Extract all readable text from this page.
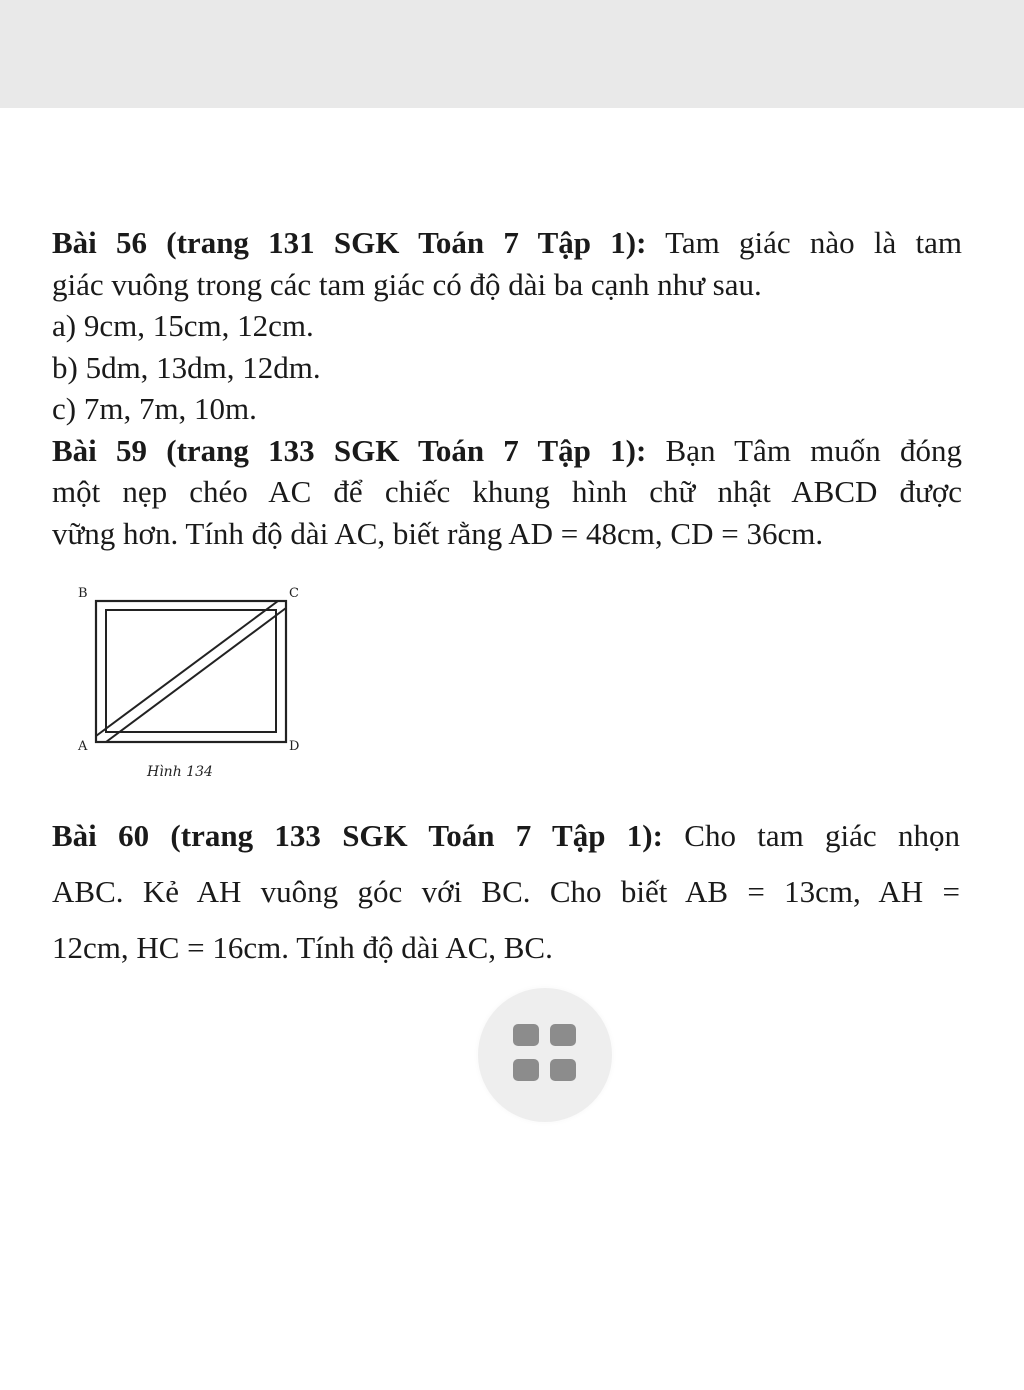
Bài 56 (trang 131 SGK Toán 7 Tập 1): Tam giác nào là tam

giác vuông trong các tam giác có độ dài ba cạnh như sau.

a) 9cm, 15cm, 12cm.

b) 5dm, 13dm, 12dm.

c) 7m, 7m, 10m.

Bài 59 (trang 133 SGK Toán 7 Tập 1): Bạn Tâm muốn đóng

một nẹp chéo AC để chiếc khung hình chữ nhật ABCD được

vững hơn. Tính độ dài AC, biết rằng AD = 48cm, CD = 36cm.

B	C
A	D
Hình 134

Bài 60 (trang 133 SGK Toán 7 Tập 1): Cho tam giác nhọn

ABC. Kẻ AH vuông góc với BC. Cho biết AB = 13cm, AH =

12cm, HC = 16cm. Tính độ dài AC, BC.
